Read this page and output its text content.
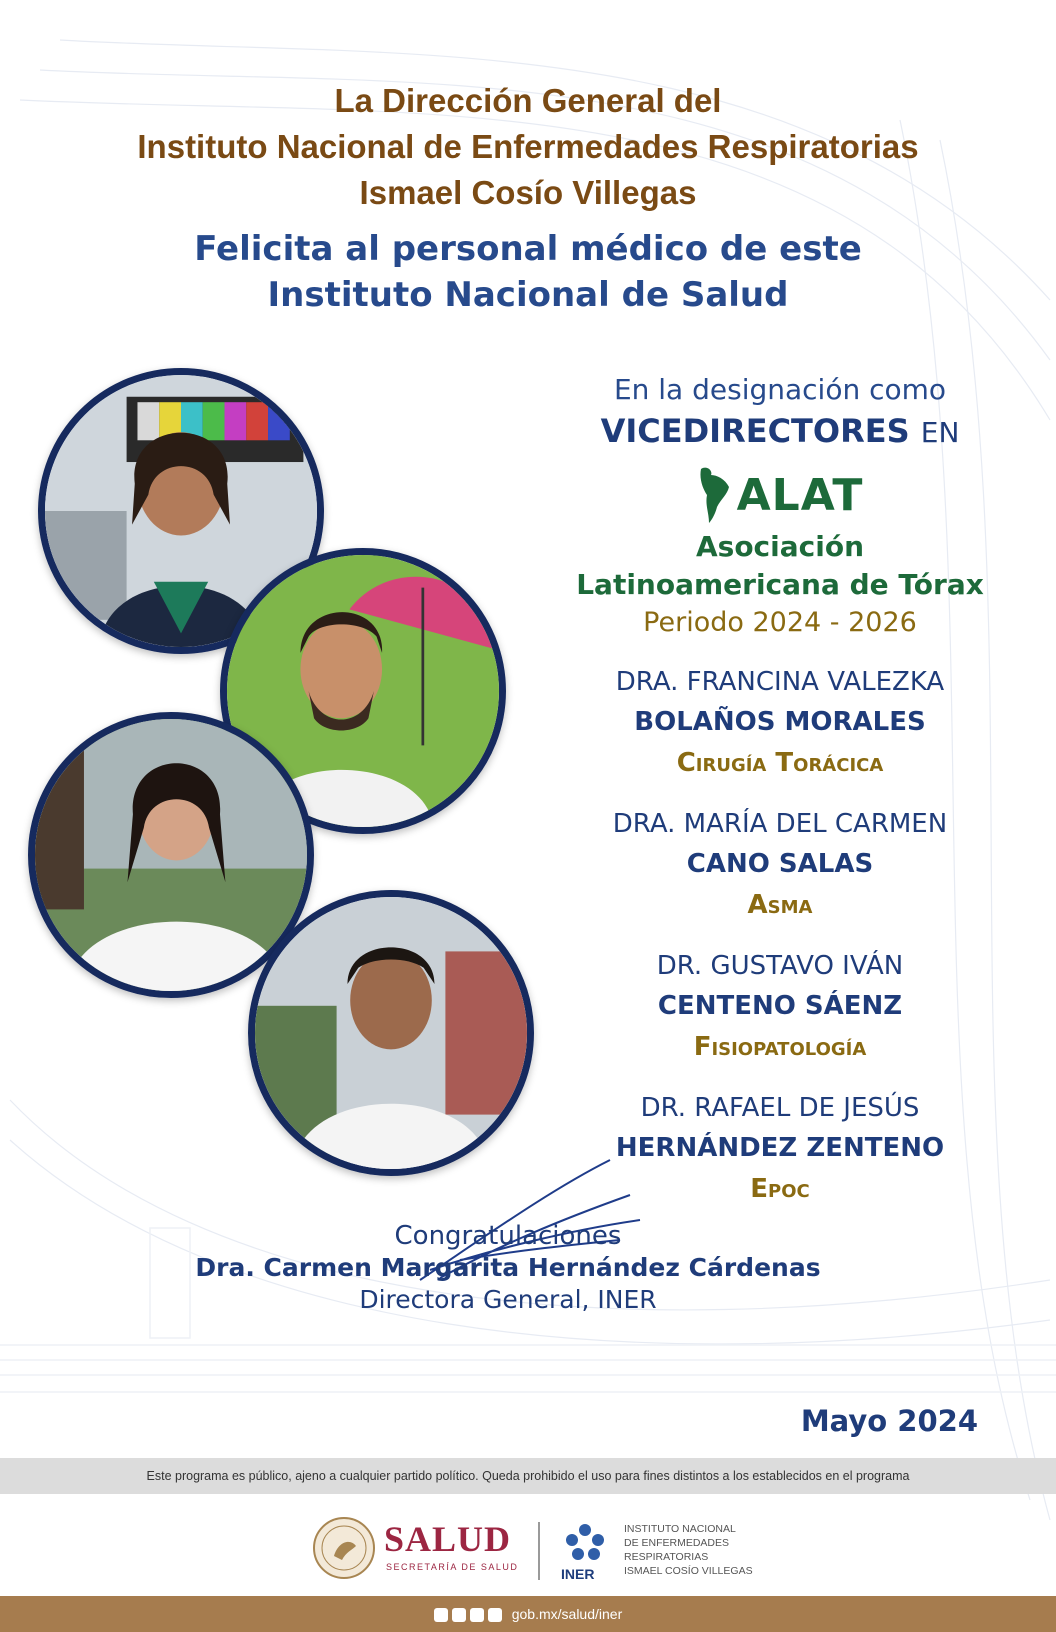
La Dirección General del
Instituto Nacional de Enfermedades Respiratorias
Ismael Cosío Villegas
Felicita al personal médico de este
Instituto Nacional de Salud
En la designación como
VICEDIRECTORES EN
ALAT
Asociación
Latinoamericana de Tórax
Periodo 2024 - 2026
DRA. FRANCINA VALEZKA
BOLAÑOS MORALES
Cirugía Torácica
DRA. MARÍA DEL CARMEN
CANO SALAS
Asma
DR. GUSTAVO IVÁN
CENTENO SÁENZ
Fisiopatología
DR. RAFAEL DE JESÚS
HERNÁNDEZ ZENTENO
Epoc
Congratulaciones
Dra. Carmen Margarita Hernández Cárdenas
Directora General, INER
Mayo 2024
Este programa es público, ajeno a cualquier partido político. Queda prohibido el uso para fines distintos a los establecidos en el programa
SALUD
SECRETARÍA DE SALUD	INER
INSTITUTO NACIONAL
DE ENFERMEDADES
RESPIRATORIAS
ISMAEL COSÍO VILLEGAS
gob.mx/salud/iner
